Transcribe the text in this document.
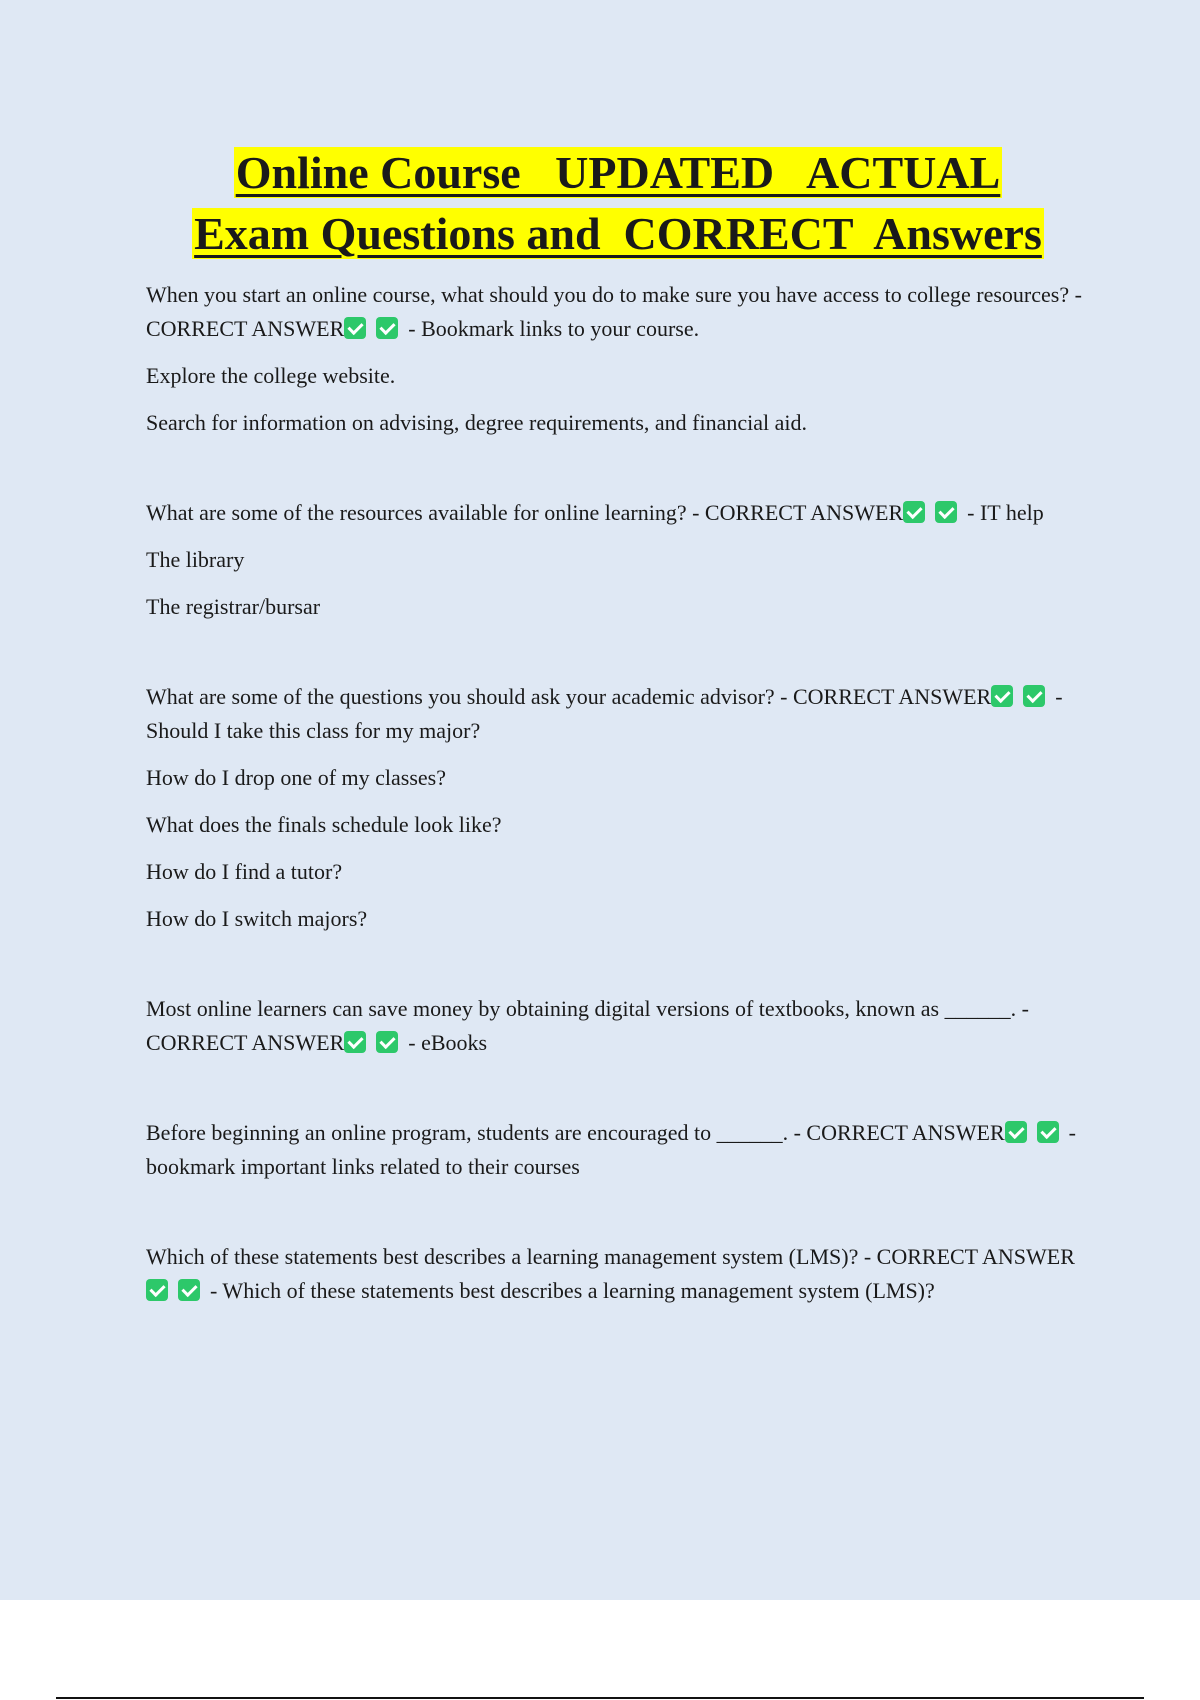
Online Course   UPDATED   ACTUAL
Exam Questions and  CORRECT  Answers

When you start an online course, what should you do to make sure you have access to college resources? - CORRECT ANSWER	- Bookmark links to your course.

Explore the college website.

Search for information on advising, degree requirements, and financial aid.

What are some of the resources available for online learning? - CORRECT ANSWER	- IT help

The library

The registrar/bursar

What are some of the questions you should ask your academic advisor? - CORRECT ANSWER	- Should I take this class for my major?

How do I drop one of my classes?

What does the finals schedule look like?

How do I find a tutor?

How do I switch majors?

Most online learners can save money by obtaining digital versions of textbooks, known as ______. - CORRECT ANSWER	- eBooks

Before beginning an online program, students are encouraged to ______. - CORRECT ANSWER	- bookmark important links related to their courses

Which of these statements best describes a learning management system (LMS)? - CORRECT ANSWER- Which of these statements best describes a learning management system (LMS)?
